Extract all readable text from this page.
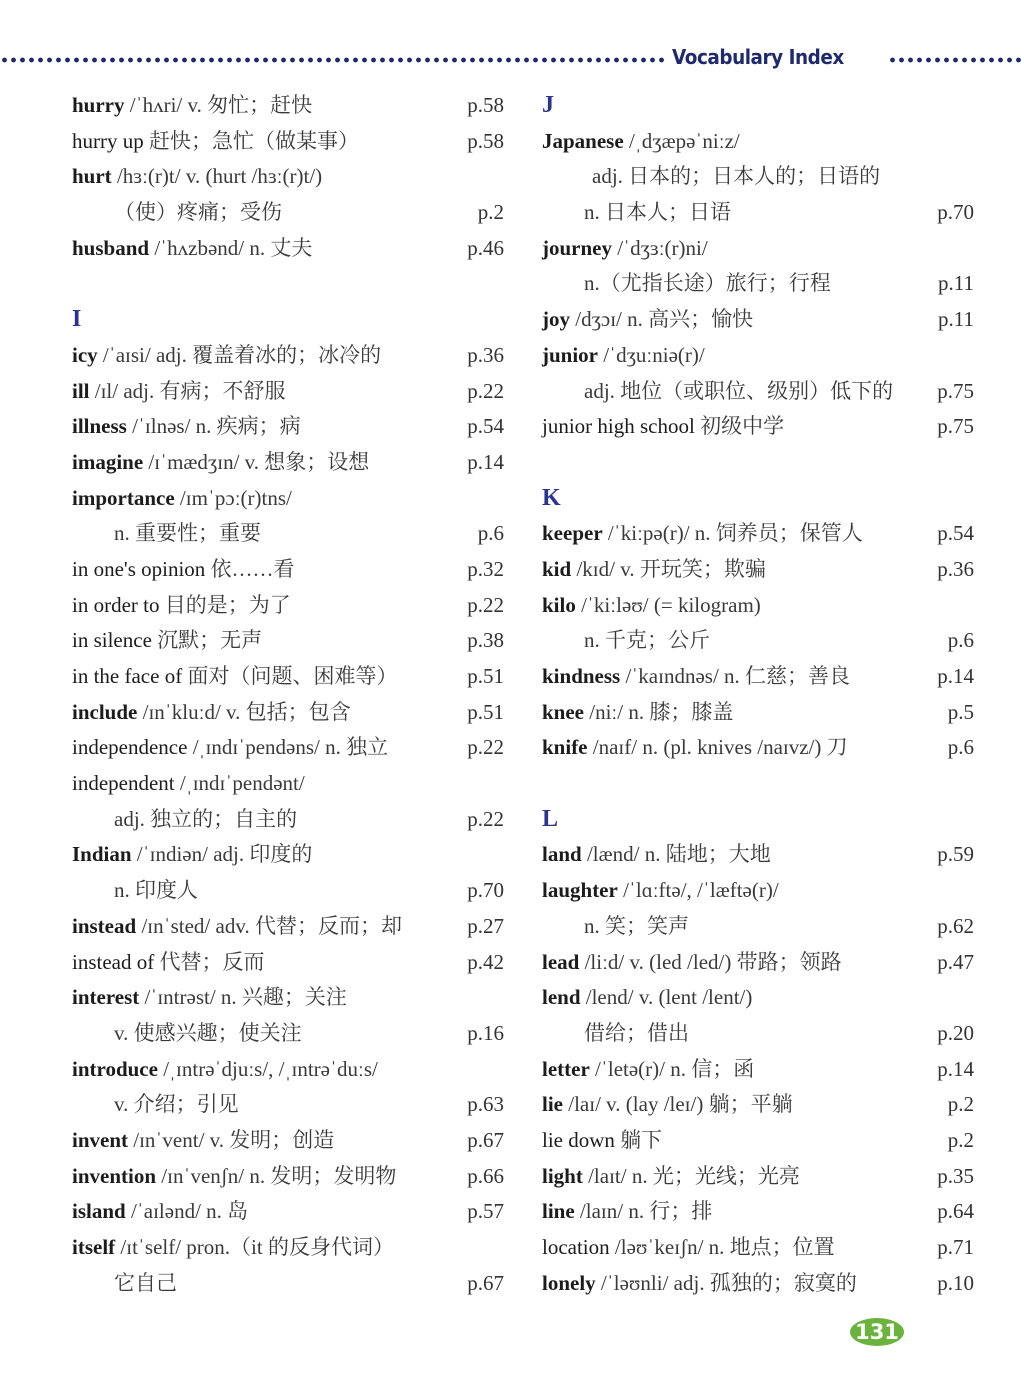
Vocabulary Index
hurry /ˈhʌri/ v. 匆忙；赶快	p.58
hurry up 赶快；急忙（做某事）	p.58
hurt /hɜː(r)t/ v. (hurt /hɜː(r)t/)
（使）疼痛；受伤	p.2
husband /ˈhʌzbənd/ n. 丈夫	p.46
I
icy /ˈaɪsi/ adj. 覆盖着冰的；冰冷的	p.36
ill /ɪl/ adj. 有病；不舒服	p.22
illness /ˈɪlnəs/ n. 疾病；病	p.54
imagine /ɪˈmædʒɪn/ v. 想象；设想	p.14
importance /ɪmˈpɔː(r)tns/
n. 重要性；重要	p.6
in one's opinion 依……看	p.32
in order to 目的是；为了	p.22
in silence 沉默；无声	p.38
in the face of 面对（问题、困难等）	p.51
include /ɪnˈkluːd/ v. 包括；包含	p.51
independence /ˌɪndɪˈpendəns/ n. 独立	p.22
independent /ˌɪndɪˈpendənt/
adj. 独立的；自主的	p.22
Indian /ˈɪndiən/ adj. 印度的
n. 印度人	p.70
instead /ɪnˈsted/ adv. 代替；反而；却	p.27
instead of 代替；反而	p.42
interest /ˈɪntrəst/ n. 兴趣；关注
v. 使感兴趣；使关注	p.16
introduce /ˌɪntrəˈdjuːs/, /ˌɪntrəˈduːs/
v. 介绍；引见	p.63
invent /ɪnˈvent/ v. 发明；创造	p.67
invention /ɪnˈvenʃn/ n. 发明；发明物	p.66
island /ˈaɪlənd/ n. 岛	p.57
itself /ɪtˈself/ pron.（it 的反身代词）
它自己	p.67
J
Japanese /ˌdʒæpəˈniːz/
adj. 日本的；日本人的；日语的
n. 日本人；日语	p.70
journey /ˈdʒɜː(r)ni/
n.（尤指长途）旅行；行程	p.11
joy /dʒɔɪ/ n. 高兴；愉快	p.11
junior /ˈdʒuːniə(r)/
adj. 地位（或职位、级别）低下的 p.75
junior high school 初级中学	p.75
K
keeper /ˈkiːpə(r)/ n. 饲养员；保管人	p.54
kid /kɪd/ v. 开玩笑；欺骗	p.36
kilo /ˈkiːləʊ/ (= kilogram)
n. 千克；公斤	p.6
kindness /ˈkaɪndnəs/ n. 仁慈；善良	p.14
knee /niː/ n. 膝；膝盖	p.5
knife /naɪf/ n. (pl. knives /naɪvz/) 刀	p.6
L
land /lænd/ n. 陆地；大地	p.59
laughter /ˈlɑːftə/, /ˈlæftə(r)/
n. 笑；笑声	p.62
lead /liːd/ v. (led /led/) 带路；领路	p.47
lend /lend/ v. (lent /lent/)
借给；借出	p.20
letter /ˈletə(r)/ n. 信；函	p.14
lie /laɪ/ v. (lay /leɪ/) 躺；平躺	p.2
lie down 躺下	p.2
light /laɪt/ n. 光；光线；光亮	p.35
line /laɪn/ n. 行；排	p.64
location /ləʊˈkeɪʃn/ n. 地点；位置	p.71
lonely /ˈləʊnli/ adj. 孤独的；寂寞的	p.10
131
